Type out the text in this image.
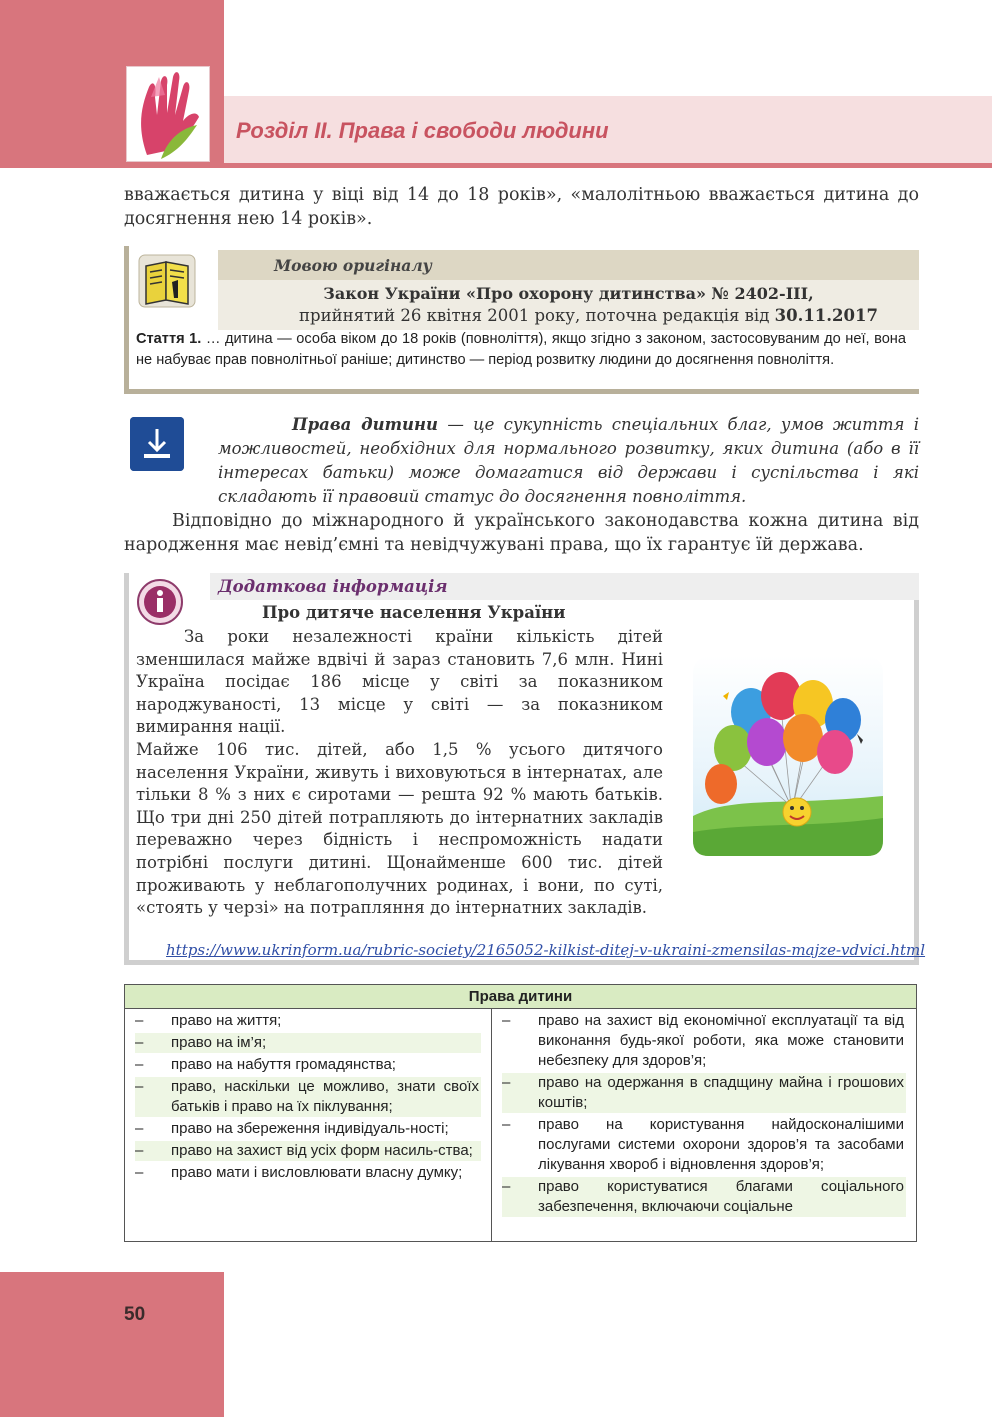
Розділ ІІ. Права і свободи людини
вважається дитина у віці від 14 до 18 років», «малолітньою вважається дитина до досягнення нею 14 років».
Мовою оригіналу
Закон України «Про охорону дитинства» № 2402-ІІІ,
прийнятий 26 квітня 2001 року, поточна редакція від 30.11.2017
Стаття 1. … дитина — особа віком до 18 років (повноліття), якщо згідно з законом, застосовуваним до неї, вона не набуває прав повнолітньої раніше; дитинство — період розвитку людини до досягнення повноліття.
Права дитини — це сукупність спеціальних благ, умов життя і можливостей, необхідних для нормального розвитку, яких дитина (або в її інтересах батьки) може домагатися від держави і суспільства і які складають її правовий статус до досягнення повноліття.
Відповідно до міжнародного й українського законодавства кожна дитина від народження має невід’ємні та невідчужувані права, що їх гарантує їй держава.
Додаткова інформація
Про дитяче населення України
За роки незалежності країни кількість дітей зменшилася майже вдвічі й зараз становить 7,6 млн. Нині Україна посідає 186 місце у світі за показником народжуваності, 13 місце у світі — за показником вимирання нації.
Майже 106 тис. дітей, або 1,5 % усього дитячого населення України, живуть і виховуються в інтернатах, але тільки 8 % з них є сиротами — решта 92 % мають батьків. Що три дні 250 дітей потрапляють до інтернатних закладів переважно через бідність і неспроможність надати потрібні послуги дитині. Щонайменше 600 тис. дітей проживають у неблагополучних родинах, і вони, по суті, «стоять у черзі» на потрапляння до інтернатних закладів.
https://www.ukrinform.ua/rubric-society/2165052-kilkist-ditej-v-ukraini-zmensilas-majze-vdvici.html
Права дитини
–	право на життя;
–	право на ім’я;
–	право на набуття громадянства;
–	право, наскільки це можливо, знати своїх батьків і право на їх піклування;
–	право на збереження індивідуаль-ності;
–	право на захист від усіх форм насиль-ства;
–	право мати і висловлювати власну думку;
–	право на захист від економічної експлуатації та від виконання будь-якої роботи, яка може становити небезпеку для здоров’я;
–	право на одержання в спадщину майна і грошових коштів;
–	право на користування найдосконалішими послугами системи охорони здоров’я та засобами лікування хвороб і відновлення здоров’я;
–	право користуватися благами соціального забезпечення, включаючи соціальне
50
